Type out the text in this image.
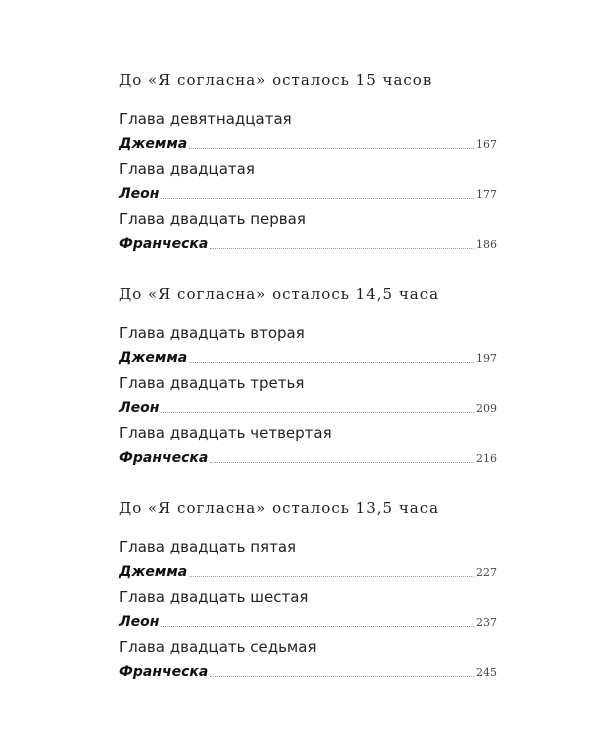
До «Я согласна» осталось 15 часов
Глава девятнадцатая
Джемма	167
Глава двадцатая
Леон	177
Глава двадцать первая
Франческа	186
До «Я согласна» осталось 14,5 часа
Глава двадцать вторая
Джемма	197
Глава двадцать третья
Леон	209
Глава двадцать четвертая
Франческа	216
До «Я согласна» осталось 13,5 часа
Глава двадцать пятая
Джемма	227
Глава двадцать шестая
Леон	237
Глава двадцать седьмая
Франческа	245
